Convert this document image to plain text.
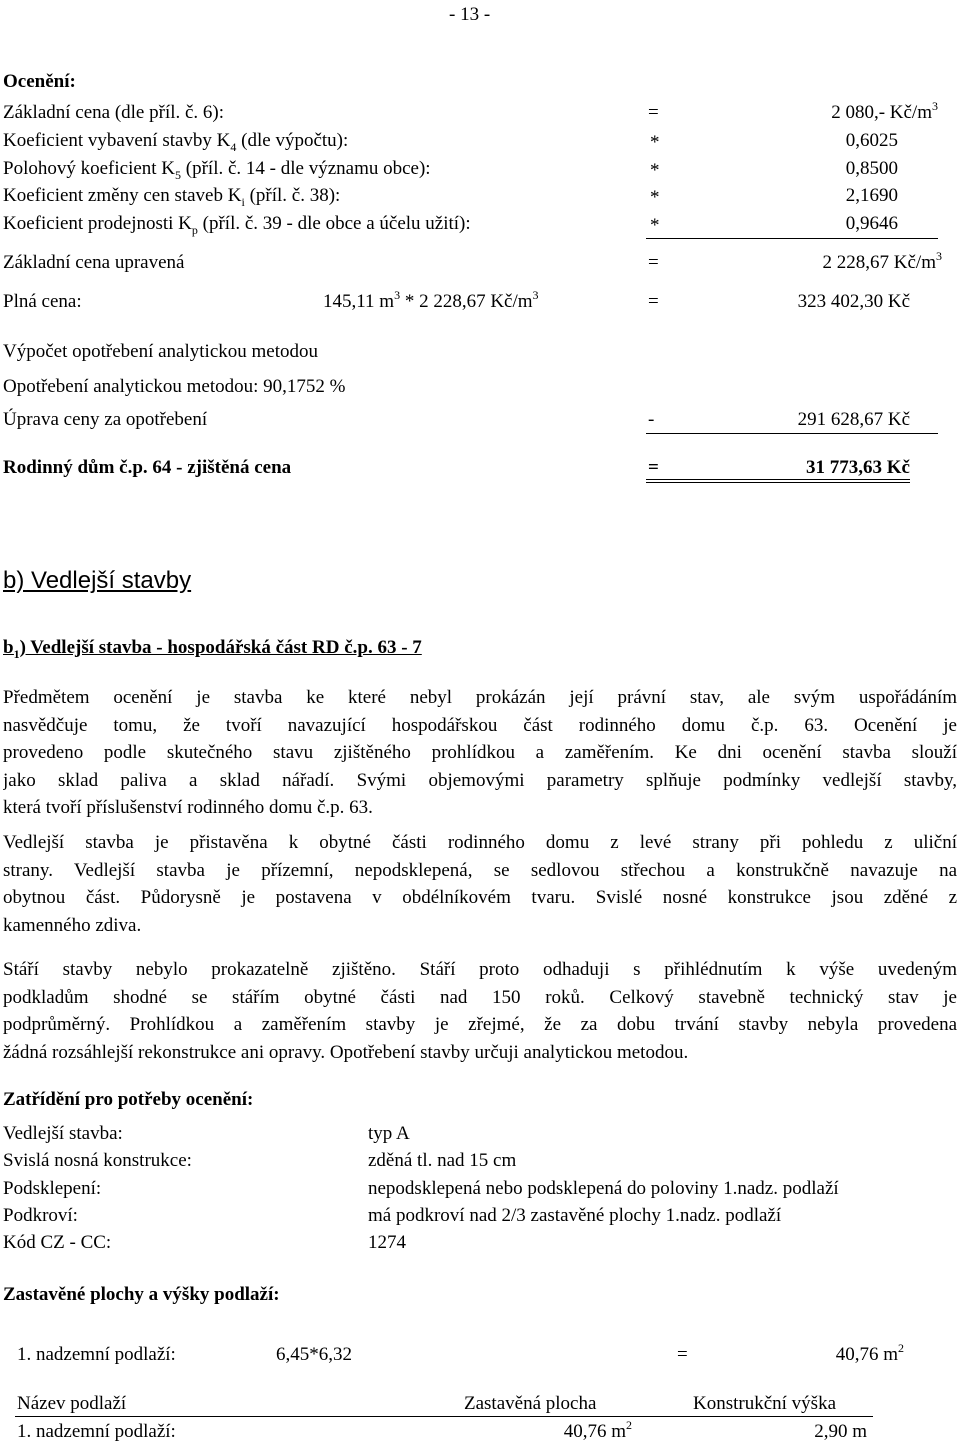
- 13 -
Ocenění:
Základní cena (dle příl. č. 6):	=	2 080,- $Kč/m^3$
Koeficient vybavení stavby $K_4$ (dle výpočtu):	*	0,6025
Polohový koeficient $K_5$ (příl. č. 14 - dle významu obce):	*	0,8500
Koeficient změny cen staveb $K_i$ (příl. č. 38):	*	2,1690
Koeficient prodejnosti $K_p$ (příl. č. 39 - dle obce a účelu užití):	*	0,9646
Základní cena upravená	=	2 228,67 $Kč/m^3$
Plná cena:	145,11 $m^3 * 2$ 228,67 $Kč/m^3$	=	323 402,30 Kč
Výpočet opotřebení analytickou metodou
Opotřebení analytickou metodou: 90,1752 %
Úprava ceny za opotřebení	-	291 628,67 Kč
Rodinný dům č.p. 64 - zjištěná cena	=	31 773,63 Kč
b) Vedlejší stavby
$b_1$) Vedlejší stavba - hospodářská část RD č.p. 63 - 7
Předmětem ocenění je stavba ke které nebyl prokázán její právní stav, ale svým uspořádáním
nasvědčuje tomu, že tvoří navazující hospodářskou část rodinného domu č.p. 63. Ocenění je
provedeno podle skutečného stavu zjištěného prohlídkou a zaměřením. Ke dni ocenění stavba slouží
jako sklad paliva a sklad nářadí. Svými objemovými parametry splňuje podmínky vedlejší stavby,
která tvoří příslušenství rodinného domu č.p. 63.
Vedlejší stavba je přistavěna k obytné části rodinného domu z levé strany při pohledu z uliční
strany. Vedlejší stavba je přízemní, nepodsklepená, se sedlovou střechou a konstrukčně navazuje na
obytnou část. Půdorysně je postavena v obdélníkovém tvaru. Svislé nosné konstrukce jsou zděné z
kamenného zdiva.
Stáří stavby nebylo prokazatelně zjištěno. Stáří proto odhaduji s přihlédnutím k výše uvedeným
podkladům shodné se stářím obytné části nad 150 roků. Celkový stavebně technický stav je
podprůměrný. Prohlídkou a zaměřením stavby je zřejmé, že za dobu trvání stavby nebyla provedena
žádná rozsáhlejší rekonstrukce ani opravy. Opotřebení stavby určuji analytickou metodou.
Zatřídění pro potřeby ocenění:
Vedlejší stavba:	typ A
Svislá nosná konstrukce:	zděná tl. nad 15 cm
Podsklepení:	nepodsklepená nebo podsklepená do poloviny 1.nadz. podlaží
Podkroví:	má podkroví nad 2/3 zastavěné plochy 1.nadz. podlaží
Kód CZ - CC:	1274
Zastavěné plochy a výšky podlaží:
1. nadzemní podlaží:	6,45*6,32	=	40,76 $m^2$
Název podlaží	Zastavěná plocha	Konstrukční výška
1. nadzemní podlaží:	40,76 $m^2$	2,90 m
